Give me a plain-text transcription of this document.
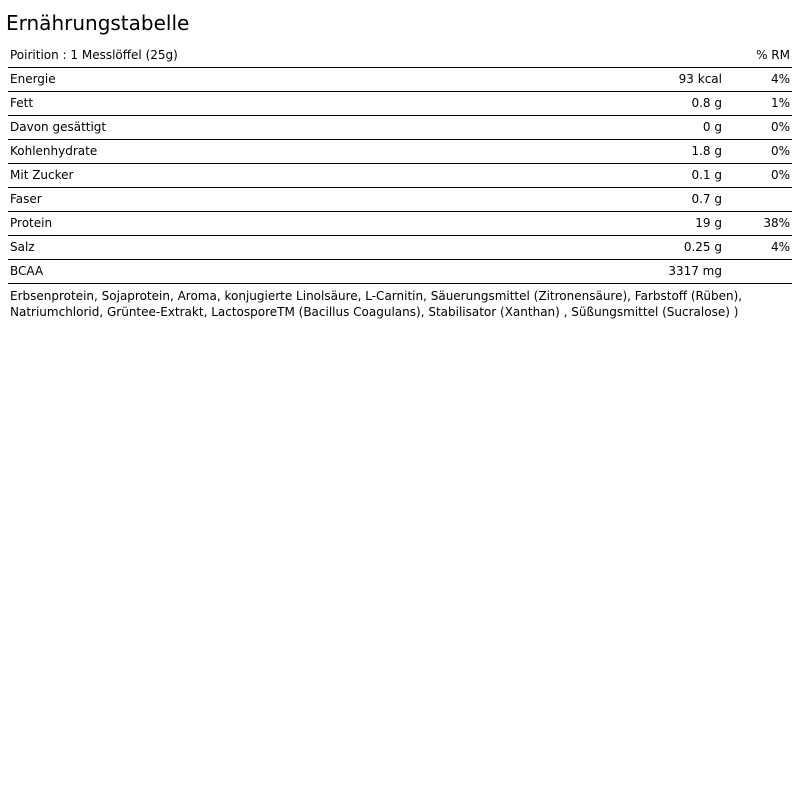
Ernährungstabelle
Poirition : 1 Messlöffel (25g)	% RM
Energie	93 kcal	4%
Fett	0.8 g	1%
Davon gesättigt	0 g	0%
Kohlenhydrate	1.8 g	0%
Mit Zucker	0.1 g	0%
Faser	0.7 g
Protein	19 g	38%
Salz	0.25 g	4%
BCAA	3317 mg

Erbsenprotein, Sojaprotein, Aroma, konjugierte Linolsäure, L-Carnitin, Säuerungsmittel (Zitronensäure), Farbstoff (Rüben), Natriumchlorid, Grüntee-Extrakt, LactosporeTM (Bacillus Coagulans), Stabilisator (Xanthan) , Süßungsmittel (Sucralose) )
